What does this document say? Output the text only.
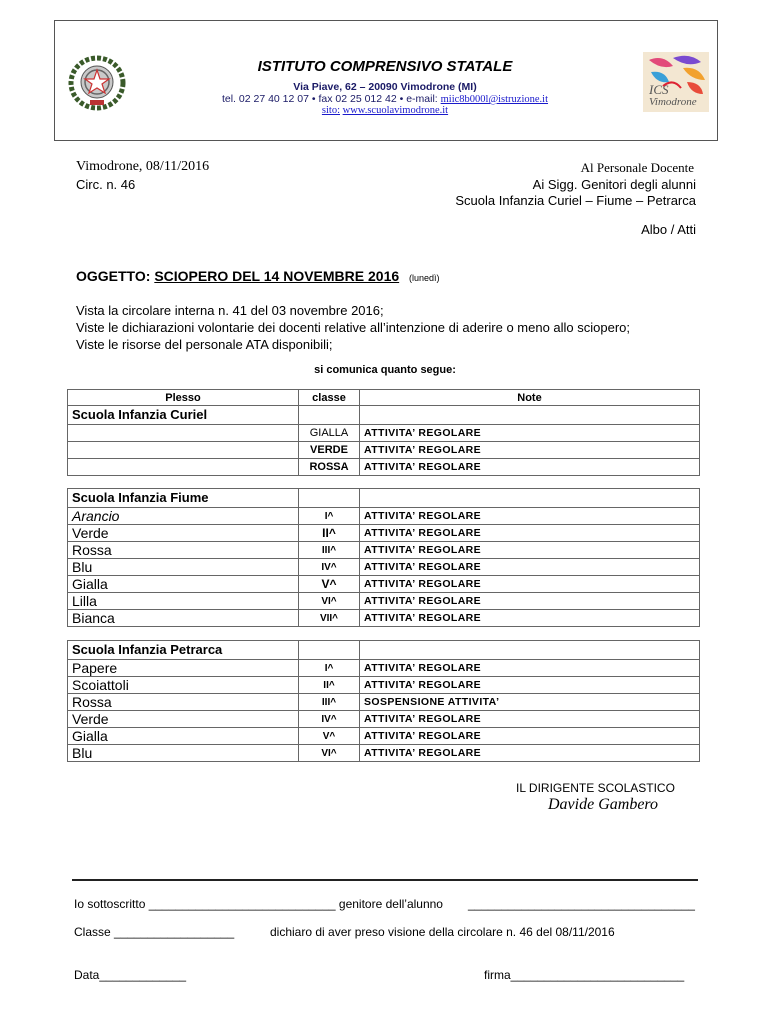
ISTITUTO COMPRENSIVO STATALE
Via Piave, 62 – 20090 Vimodrone (MI)
tel. 02 27 40 12 07 • fax 02 25 012 42 • e-mail: miic8b000l@istruzione.it
sito: www.scuolavimodrone.it
ICS
Vimodrone
Vimodrone, 08/11/2016
Circ. n. 46
Al Personale Docente
Ai Sigg. Genitori degli alunni
Scuola Infanzia Curiel – Fiume – Petrarca
Albo / Atti
OGGETTO: SCIOPERO DEL 14 NOVEMBRE 2016 (lunedì)
Vista la circolare interna n. 41 del 03 novembre 2016;
Viste le dichiarazioni volontarie dei docenti relative all’intenzione di aderire o meno allo sciopero;
Viste le risorse del personale ATA disponibili;
si comunica quanto segue:
Plesso	classe	Note
Scuola Infanzia Curiel		
	GIALLA	ATTIVITA’ REGOLARE
	VERDE	ATTIVITA’ REGOLARE
	ROSSA	ATTIVITA’ REGOLARE

Scuola Infanzia Fiume		
Arancio	I^	ATTIVITA’ REGOLARE
Verde	II^	ATTIVITA’ REGOLARE
Rossa	III^	ATTIVITA’ REGOLARE
Blu	IV^	ATTIVITA’ REGOLARE
Gialla	V^	ATTIVITA’ REGOLARE
Lilla	VI^	ATTIVITA’ REGOLARE
Bianca	VII^	ATTIVITA’ REGOLARE

Scuola Infanzia Petrarca		
Papere	I^	ATTIVITA’ REGOLARE
Scoiattoli	II^	ATTIVITA’ REGOLARE
Rossa	III^	SOSPENSIONE ATTIVITA’
Verde	IV^	ATTIVITA’ REGOLARE
Gialla	V^	ATTIVITA’ REGOLARE
Blu	VI^	ATTIVITA’ REGOLARE
IL DIRIGENTE SCOLASTICO
Davide Gambero
Io sottoscritto ____________________________ genitore dell’alunno __________________________________
Classe __________________	dichiaro di aver preso visione della circolare n. 46 del 08/11/2016
Data_____________	firma__________________________
